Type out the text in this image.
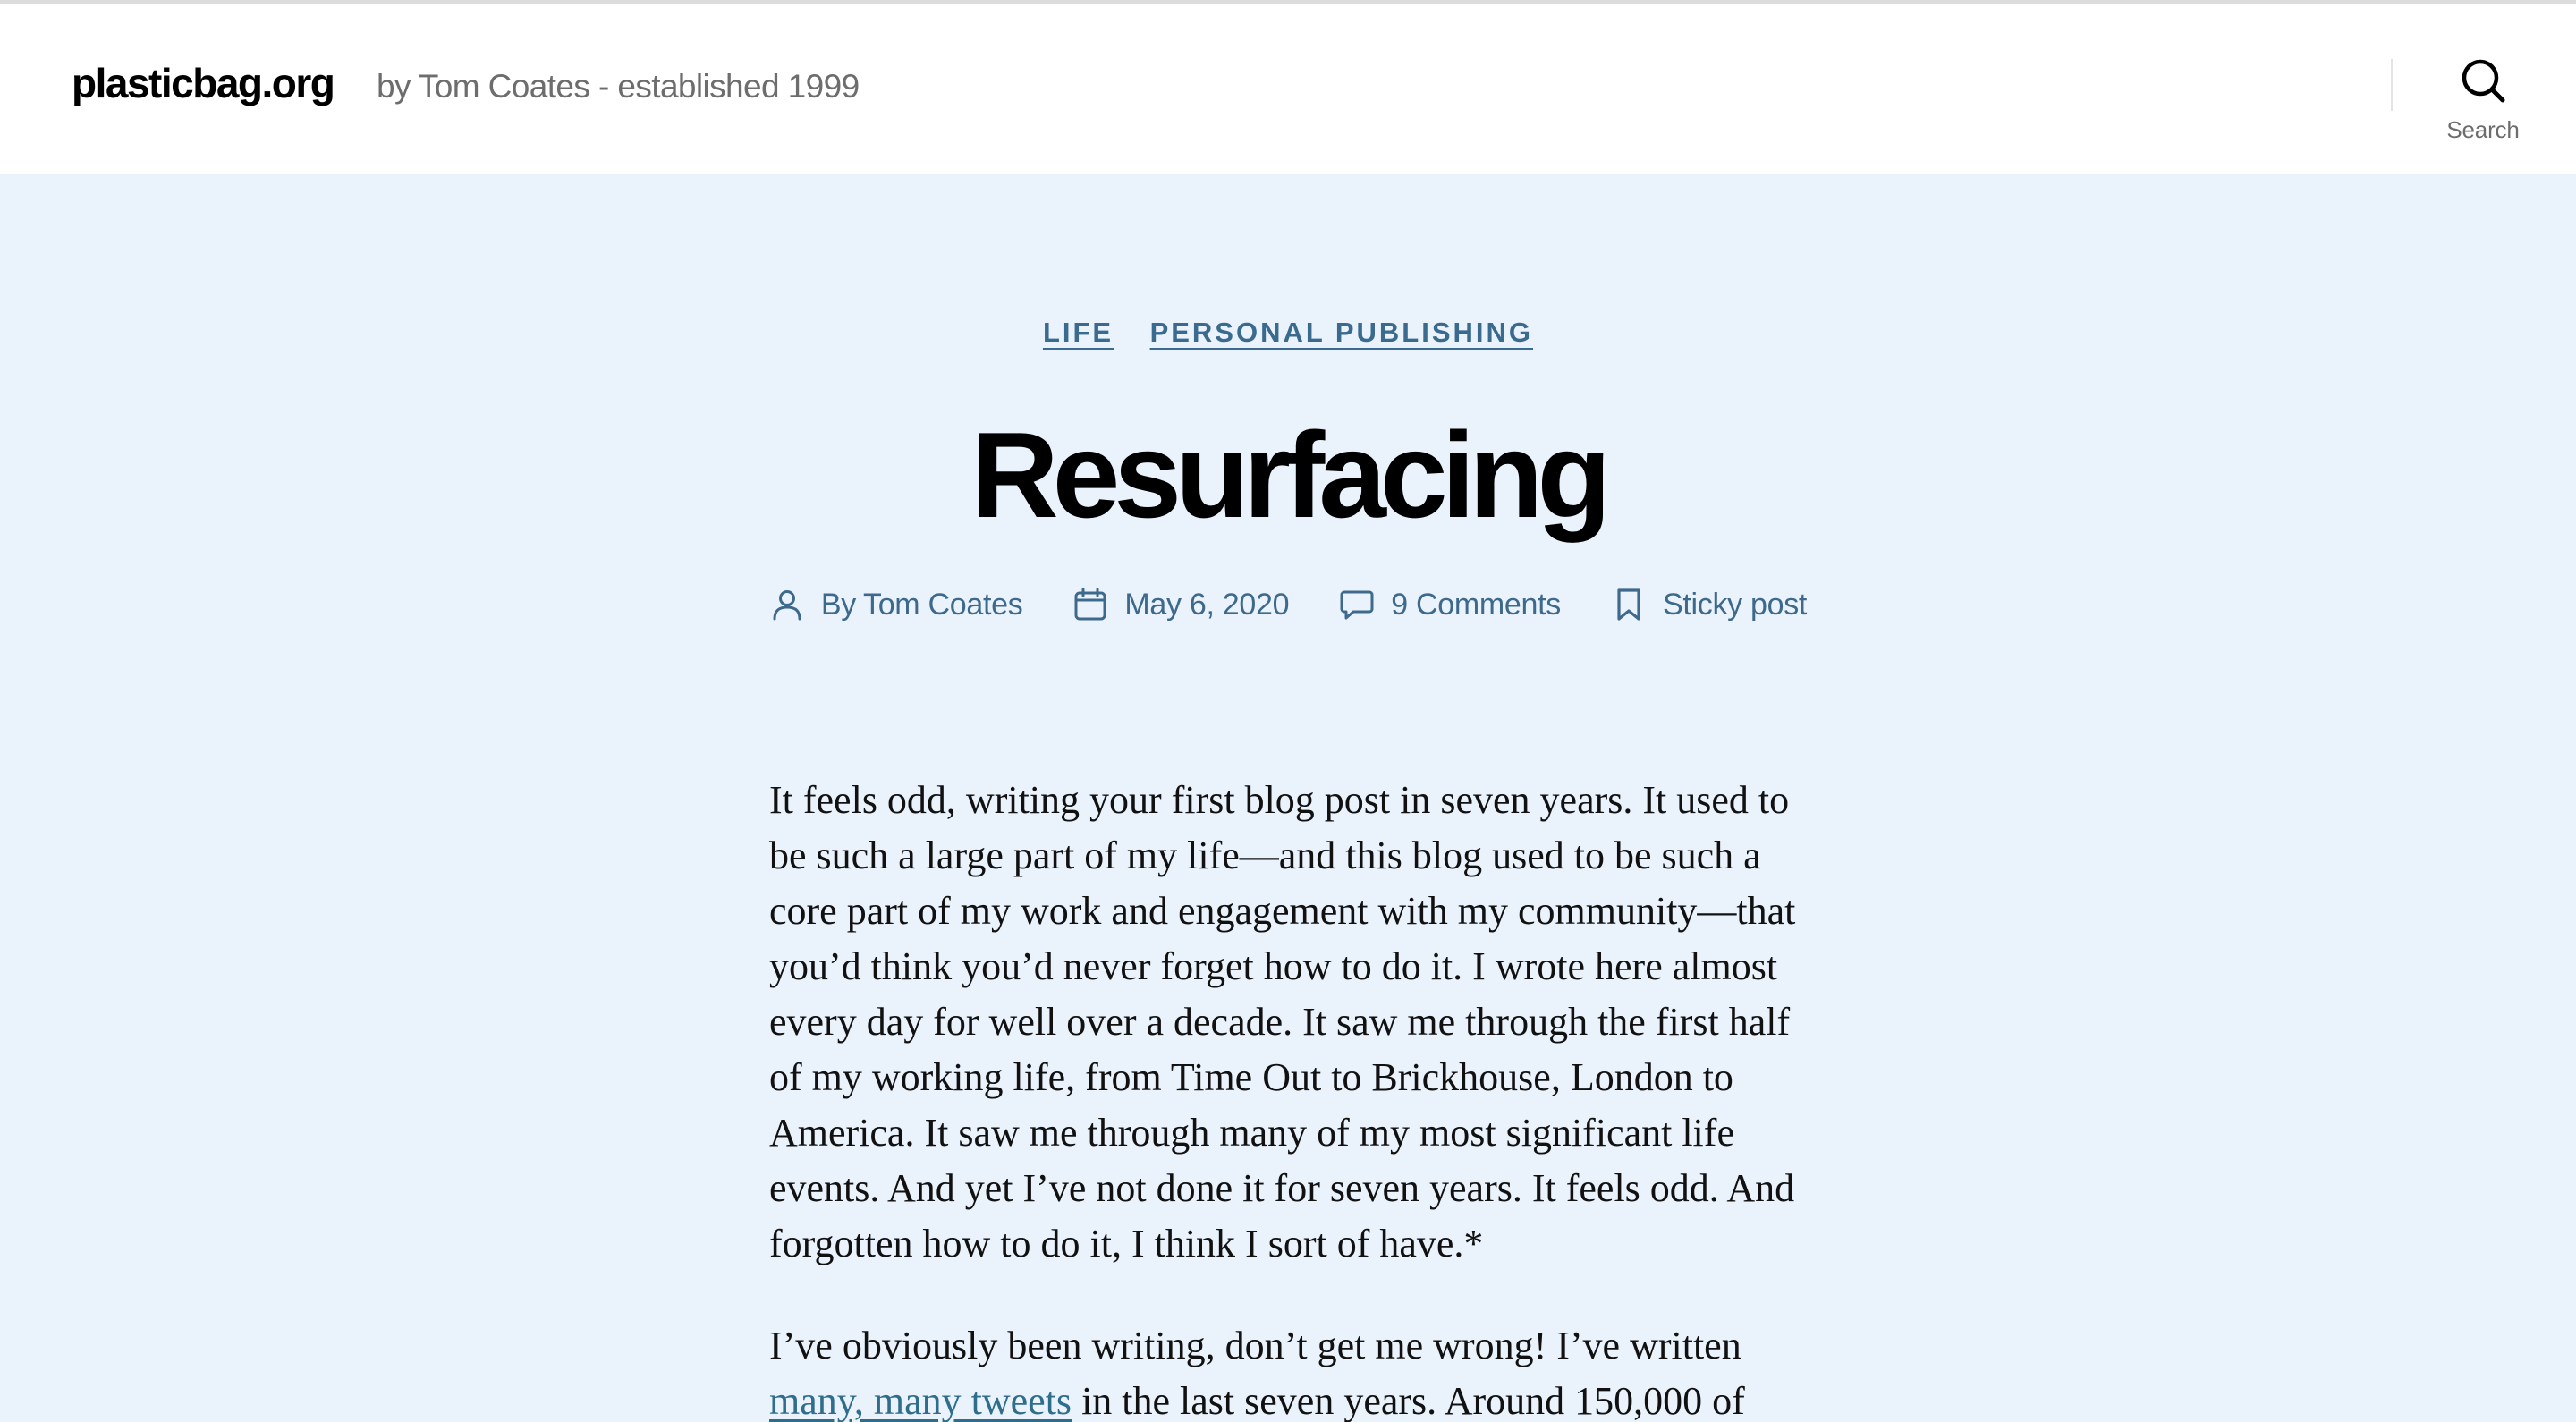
plasticbag.org by Tom Coates - established 1999
Search
LIFE PERSONAL PUBLISHING
Resurfacing
By Tom Coates	May 6, 2020	9 Comments	Sticky post

It feels odd, writing your first blog post in seven years. It used to be such a large part of my life—and this blog used to be such a core part of my work and engagement with my community—that you’d think you’d never forget how to do it. I wrote here almost every day for well over a decade. It saw me through the first half of my working life, from Time Out to Brickhouse, London to America. It saw me through many of my most significant life events. And yet I’ve not done it for seven years. It feels odd. And forgotten how to do it, I think I sort of have.*

I’ve obviously been writing, don’t get me wrong! I’ve written many, many tweets in the last seven years. Around 150,000 of
